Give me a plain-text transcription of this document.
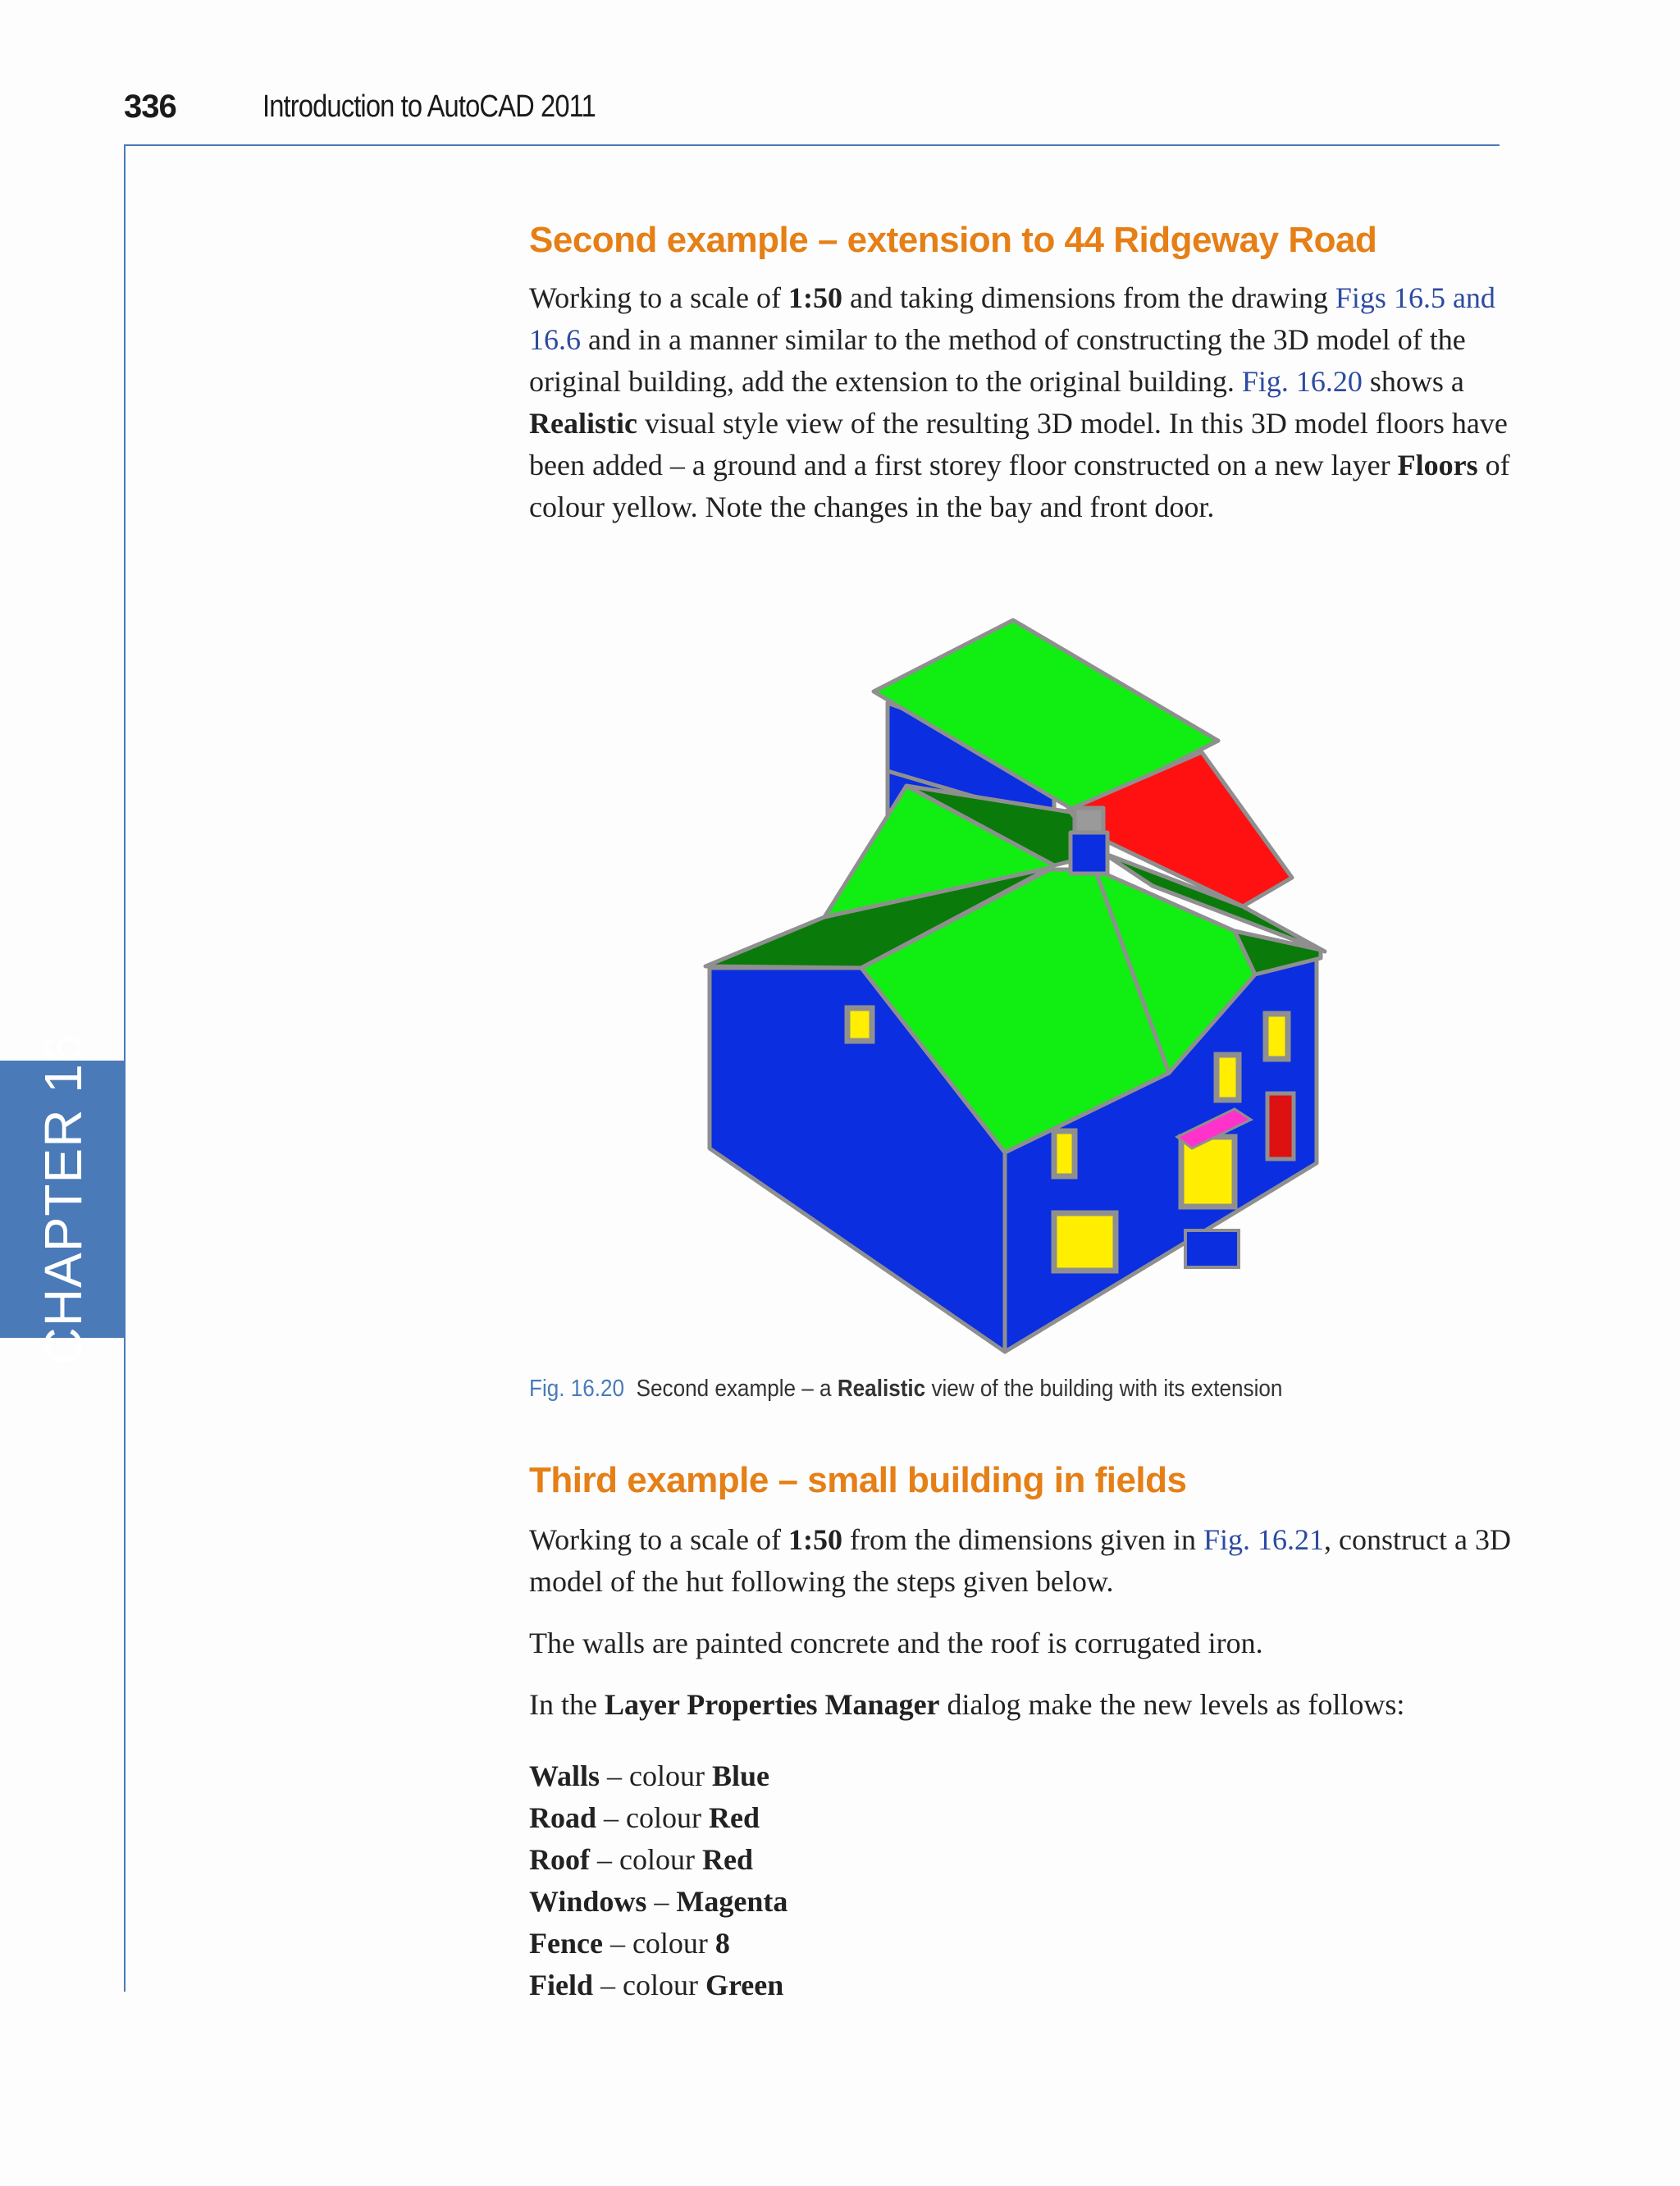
336	Introduction to AutoCAD 2011
CHAPTER 16
Second example – extension to 44 Ridgeway Road

Working to a scale of 1:50 and taking dimensions from the drawing Figs 16.5 and 16.6 and in a manner similar to the method of constructing the 3D model of the original building, add the extension to the original building. Fig. 16.20 shows a Realistic visual style view of the resulting 3D model. In this 3D model floors have been added – a ground and a first storey floor constructed on a new layer Floors of colour yellow. Note the changes in the bay and front door.

Fig. 16.20 Second example – a Realistic view of the building with its extension
Third example – small building in fields

Working to a scale of 1:50 from the dimensions given in Fig. 16.21, construct a 3D model of the hut following the steps given below.

The walls are painted concrete and the roof is corrugated iron.

In the Layer Properties Manager dialog make the new levels as follows:

Walls – colour Blue
Road – colour Red
Roof – colour Red
Windows – Magenta
Fence – colour 8
Field – colour Green
